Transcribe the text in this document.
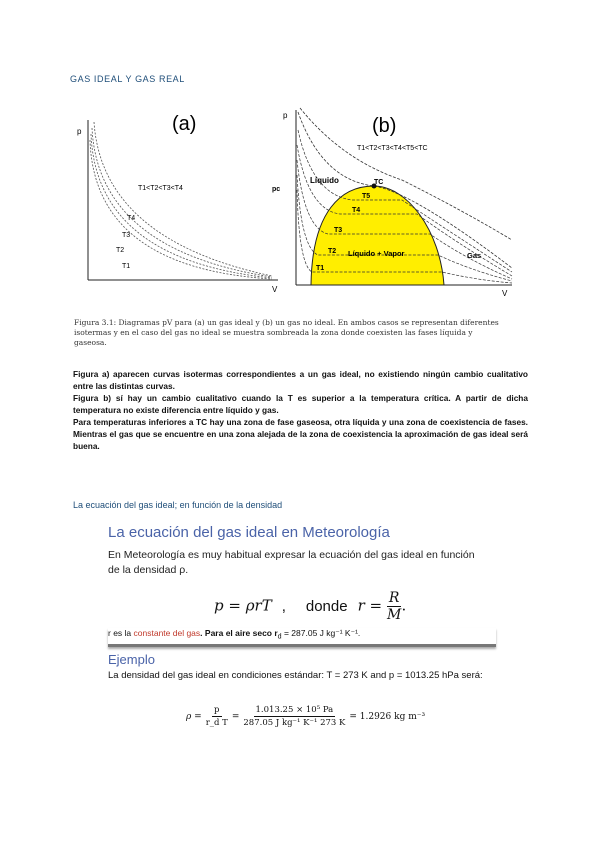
GAS IDEAL Y GAS REAL
(a)
p
V
T1<T2<T3<T4
T4
T3
T2
T1
(b)
p
V
T1<T2<T3<T4<T5<TC
pc
Líquido	TC
T5
T4
T3
T2
T1
Líquido + Vapor	Gas
Figura 3.1: Diagramas pV para (a) un gas ideal y (b) un gas no ideal. En ambos casos se representan diferentes isotermas y en el caso del gas no ideal se muestra sombreada la zona donde coexisten las fases líquida y gaseosa.
Figura a) aparecen curvas isotermas correspondientes a un gas ideal, no existiendo ningún cambio cualitativo entre las distintas curvas.
Figura b) sí hay un cambio cualitativo cuando la T es superior a la temperatura crítica. A partir de dicha temperatura no existe diferencia entre líquido y gas.
Para temperaturas inferiores a TC hay una zona de fase gaseosa, otra líquida y una zona de coexistencia de fases. Mientras el gas que se encuentre en una zona alejada de la zona de coexistencia la aproximación de gas ideal será buena.
La ecuación del gas ideal; en función de la densidad
La ecuación del gas ideal en Meteorología
En Meteorología es muy habitual expresar la ecuación del gas ideal en función de la densidad ρ.
p = ρrT , donde $r = \frac{R}{M}$ .
r es la constante del gas. Para el aire seco $r_d = 287.05$ J kg⁻¹ K⁻¹.
Ejemplo
La densidad del gas ideal en condiciones estándar: T = 273 K and p = 1013.25 hPa será:
$\rho = \frac{p}{\text{r\_d T}} = \frac{\text{1.013.25 × 10⁵ Pa}}{\text{287.05 J kg⁻¹ K⁻¹ 273 K}} = 1.2926$ kg m⁻³
